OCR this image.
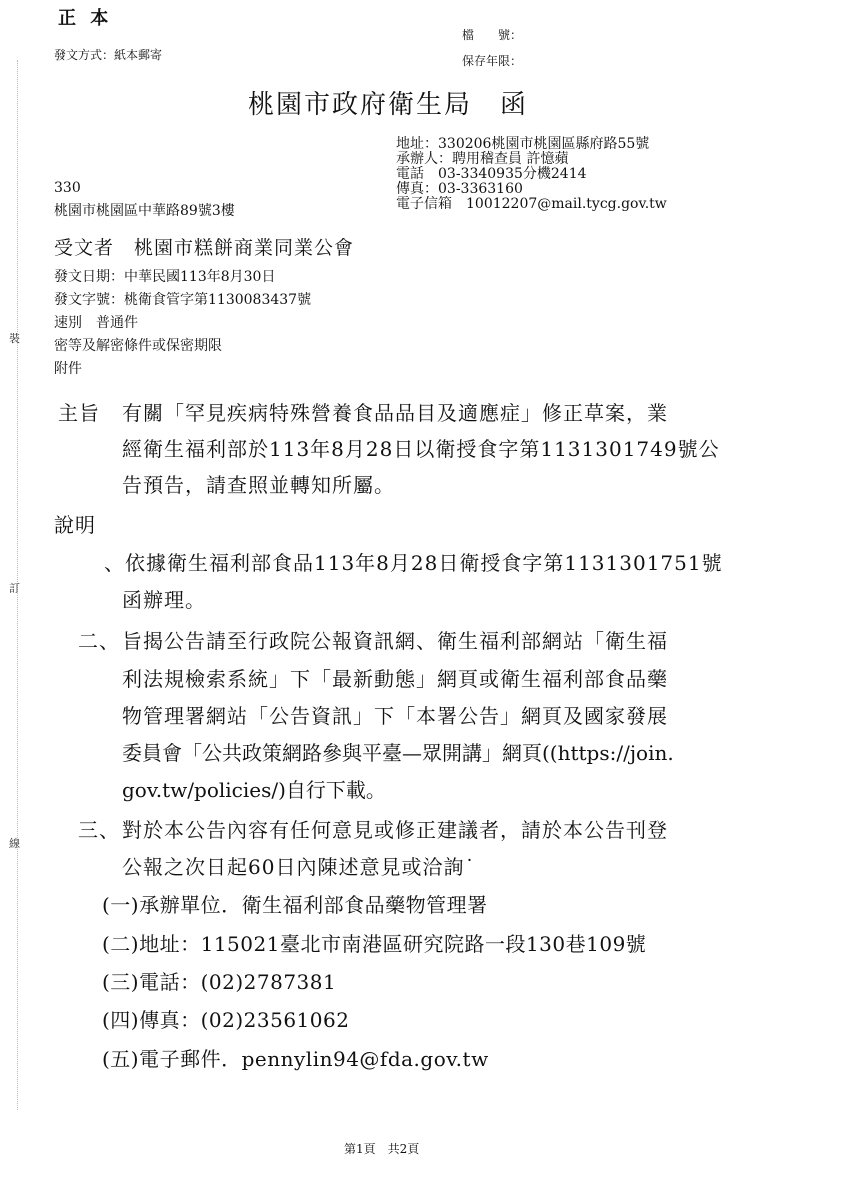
裝
訂
線
正 本
檔　　號：
保存年限：
發文方式：紙本郵寄
桃園市政府衛生局　函
330
桃園市桃園區中華路89號3樓
地址：330206桃園市桃園區縣府路55號
承辦人：聘用稽查員 許憶蘋
電話　03-3340935分機2414
傳真：03-3363160
電子信箱　10012207@mail.tycg.gov.tw
受文者　桃園市糕餅商業同業公會
發文日期：中華民國113年8月30日
發文字號：桃衛食管字第1130083437號
速別　普通件
密等及解密條件或保密期限
附件
主旨 有關「罕見疾病特殊營養食品品目及適應症」修正草案，業
經衛生福利部於113年8月28日以衛授食字第1131301749號公
告預告，請查照並轉知所屬。
說明
、依據衛生福利部食品113年8月28日衛授食字第1131301751號
函辦理。
二、 旨揭公告請至行政院公報資訊網、衛生福利部網站「衛生福
利法規檢索系統」下「最新動態」網頁或衛生福利部食品藥
物管理署網站「公告資訊」下「本署公告」網頁及國家發展
委員會「公共政策網路參與平臺—眾開講」網頁((https://join.
gov.tw/policies/)自行下載。
三、 對於本公告內容有任何意見或修正建議者，請於本公告刊登
公報之次日起60日內陳述意見或洽詢˙
(一)承辦單位．衛生福利部食品藥物管理署
(二)地址：115021臺北市南港區研究院路一段130巷109號
(三)電話：(02)2787381
(四)傳真：(02)23561062
(五)電子郵件．pennylin94@fda.gov.tw
第1頁　共2頁
